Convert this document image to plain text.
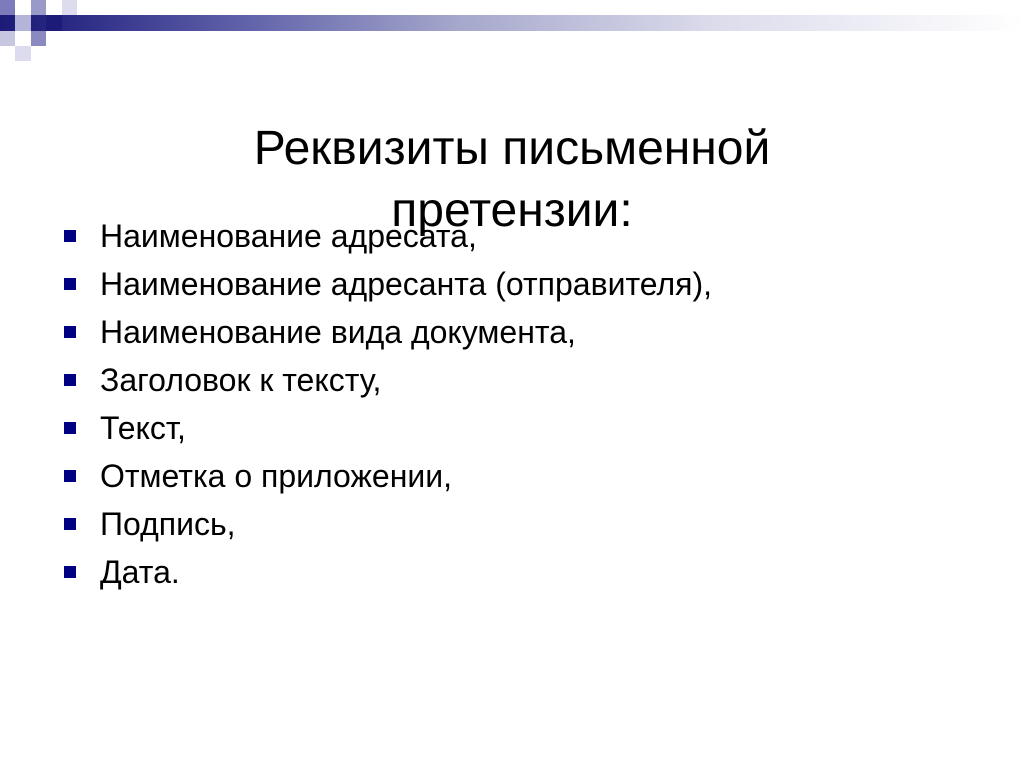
Реквизиты письменной претензии:
Наименование адресата,
Наименование адресанта (отправителя),
Наименование вида документа,
Заголовок к тексту,
Текст,
Отметка о приложении,
Подпись,
Дата.
